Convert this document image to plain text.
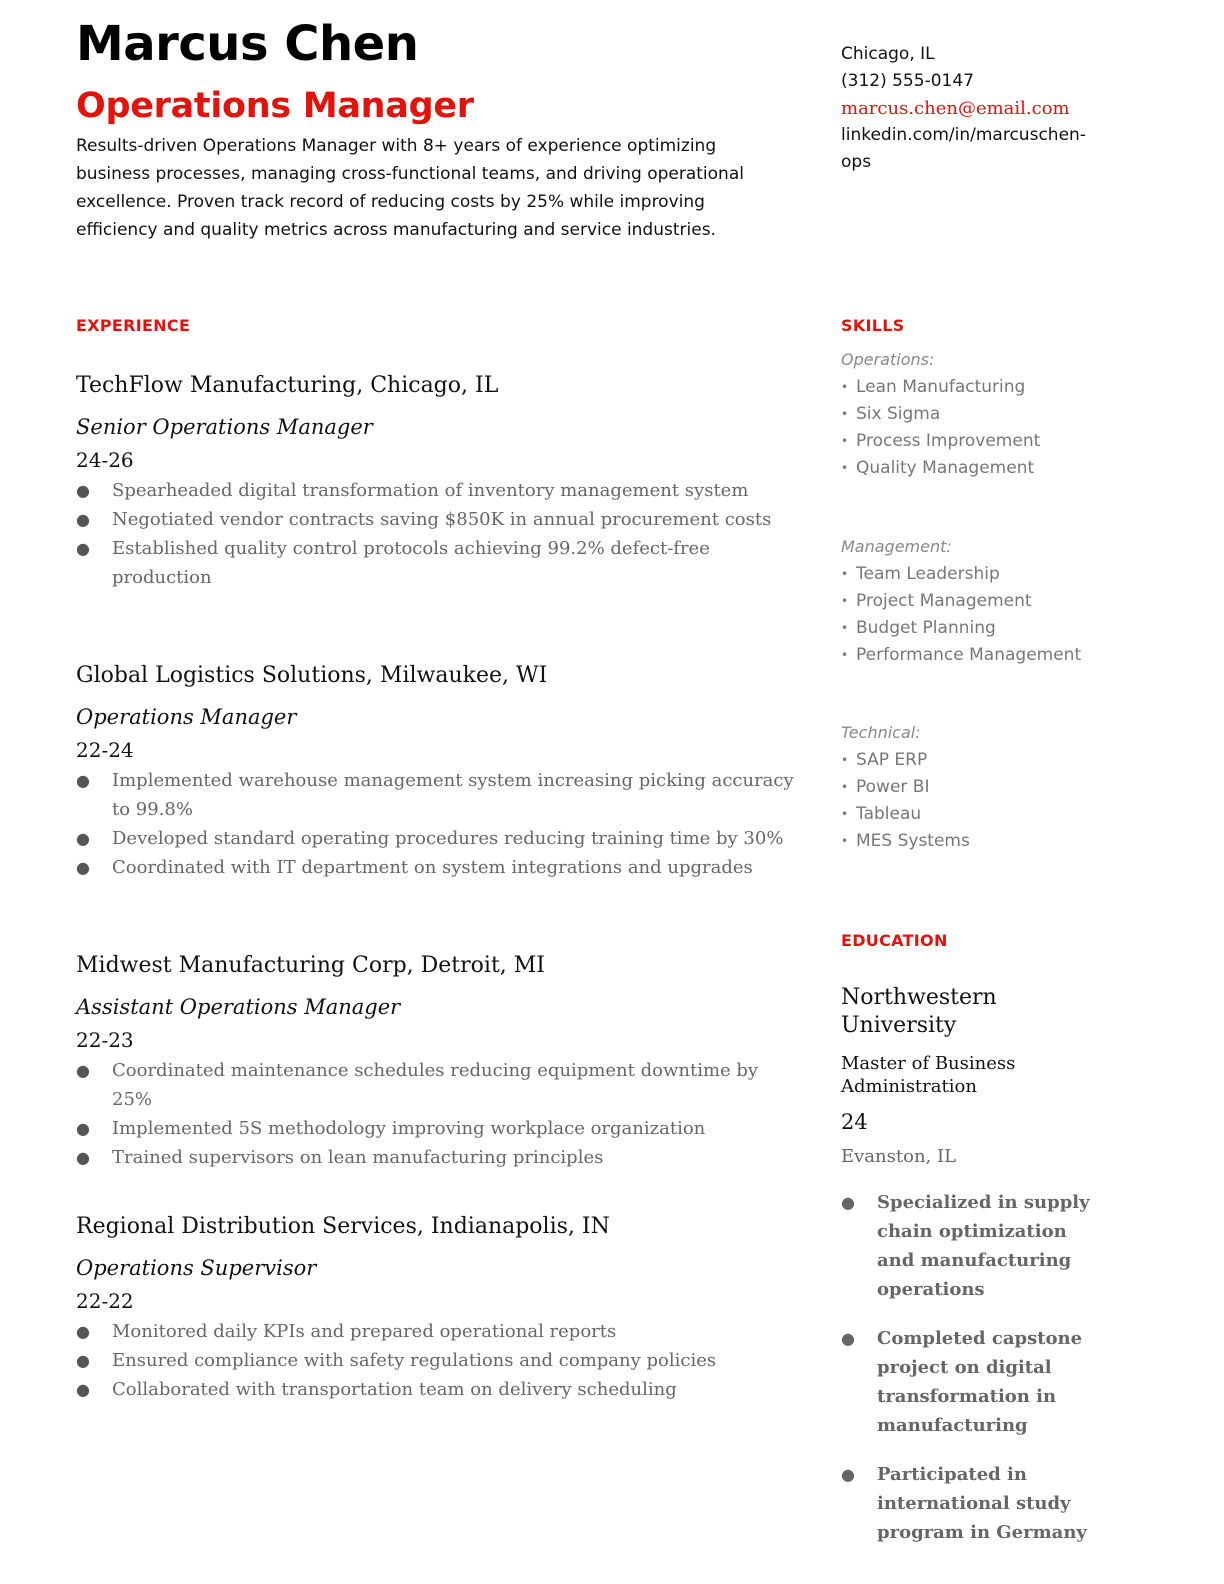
Marcus Chen
Operations Manager

Results-driven Operations Manager with 8+ years of experience optimizing business processes, managing cross-functional teams, and driving operational excellence. Proven track record of reducing costs by 25% while improving efficiency and quality metrics across manufacturing and service industries.

Chicago, IL
(312) 555-0147
marcus.chen@email.com
linkedin.com/in/marcuschen-
ops
EXPERIENCE	SKILLS
EDUCATION
TechFlow Manufacturing, Chicago, IL
Senior Operations Manager
24-26
● Spearheaded digital transformation of inventory management system
● Negotiated vendor contracts saving $850K in annual procurement costs
● Established quality control protocols achieving 99.2% defect-free production
Global Logistics Solutions, Milwaukee, WI
Operations Manager
22-24
● Implemented warehouse management system increasing picking accuracy to 99.8%
● Developed standard operating procedures reducing training time by 30%
● Coordinated with IT department on system integrations and upgrades
Midwest Manufacturing Corp, Detroit, MI
Assistant Operations Manager
22-23
● Coordinated maintenance schedules reducing equipment downtime by 25%
● Implemented 5S methodology improving workplace organization
● Trained supervisors on lean manufacturing principles
Regional Distribution Services, Indianapolis, IN
Operations Supervisor
22-22
● Monitored daily KPIs and prepared operational reports
● Ensured compliance with safety regulations and company policies
● Collaborated with transportation team on delivery scheduling
Operations:
• Lean Manufacturing
• Six Sigma
• Process Improvement
• Quality Management
Management:
• Team Leadership
• Project Management
• Budget Planning
• Performance Management
Technical:
• SAP ERP
• Power BI
• Tableau
• MES Systems
Northwestern University
Master of Business Administration
24
Evanston, IL
● Specialized in supply chain optimization and manufacturing operations
● Completed capstone project on digital transformation in manufacturing
● Participated in international study program in Germany
